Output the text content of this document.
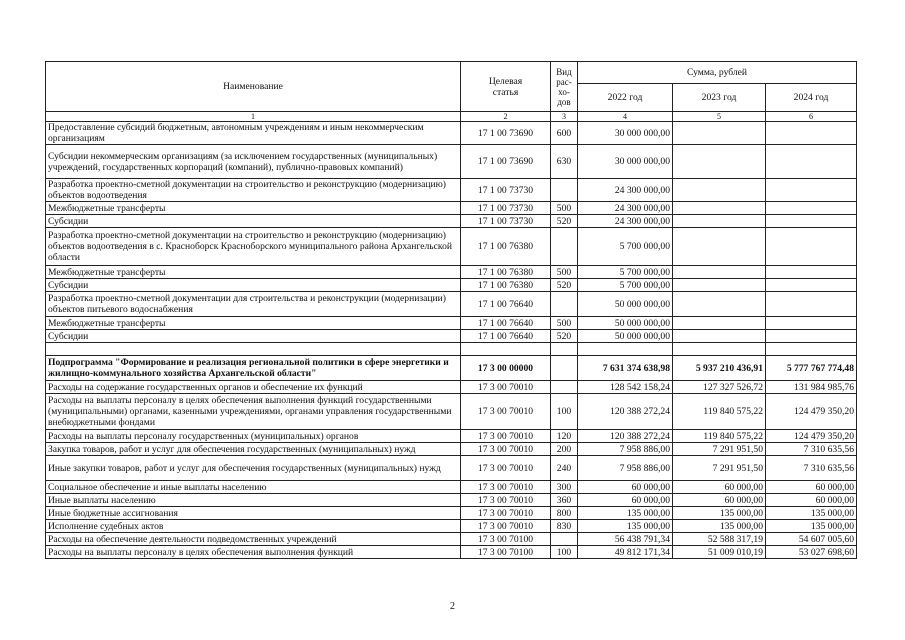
Наименование	Целевая статья	Вид
рас-
хо-
дов	Сумма, рублей		
			2022 год	2023 год	2024 год
1	2	3	4	5	6
Предоставление субсидий бюджетным, автономным учреждениям и иным некоммерческим организациям	17 1 00 73690	600	30 000 000,00		
Субсидии некоммерческим организациям (за исключением государственных (муниципальных) учреждений, государственных корпораций (компаний), публично-правовых компаний)	17 1 00 73690	630	30 000 000,00		
Разработка проектно-сметной документации на строительство и реконструкцию (модернизацию) объектов водоотведения	17 1 00 73730		24 300 000,00		
Межбюджетные трансферты	17 1 00 73730	500	24 300 000,00		
Субсидии	17 1 00 73730	520	24 300 000,00		
Разработка проектно-сметной документации на строительство и реконструкцию (модернизацию) объектов водоотведения в с. Красноборск Красноборского муниципального района Архангельской области	17 1 00 76380		5 700 000,00		
Межбюджетные трансферты	17 1 00 76380	500	5 700 000,00		
Субсидии	17 1 00 76380	520	5 700 000,00		
Разработка проектно-сметной документации для строительства и реконструкции (модернизации) объектов питьевого водоснабжения	17 1 00 76640		50 000 000,00		
Межбюджетные трансферты	17 1 00 76640	500	50 000 000,00		
Субсидии	17 1 00 76640	520	50 000 000,00		

Подпрограмма "Формирование и реализация региональной политики в сфере энергетики и жилищно-коммунального хозяйства Архангельской области"	17 3 00 00000		7 631 374 638,98	5 937 210 436,91	5 777 767 774,48
Расходы на содержание государственных органов и обеспечение их функций	17 3 00 70010		128 542 158,24	127 327 526,72	131 984 985,76
Расходы на выплаты персоналу в целях обеспечения выполнения функций государственными (муниципальными) органами, казенными учреждениями, органами управления государственными внебюджетными фондами	17 3 00 70010	100	120 388 272,24	119 840 575,22	124 479 350,20
Расходы на выплаты персоналу государственных (муниципальных) органов	17 3 00 70010	120	120 388 272,24	119 840 575,22	124 479 350,20
Закупка товаров, работ и услуг для обеспечения государственных (муниципальных) нужд	17 3 00 70010	200	7 958 886,00	7 291 951,50	7 310 635,56
Иные закупки товаров, работ и услуг для обеспечения государственных (муниципальных) нужд	17 3 00 70010	240	7 958 886,00	7 291 951,50	7 310 635,56
Социальное обеспечение и иные выплаты населению	17 3 00 70010	300	60 000,00	60 000,00	60 000,00
Иные выплаты населению	17 3 00 70010	360	60 000,00	60 000,00	60 000,00
Иные бюджетные ассигнования	17 3 00 70010	800	135 000,00	135 000,00	135 000,00
Исполнение судебных актов	17 3 00 70010	830	135 000,00	135 000,00	135 000,00
Расходы на обеспечение деятельности подведомственных учреждений	17 3 00 70100		56 438 791,34	52 588 317,19	54 607 005,60
Расходы на выплаты персоналу в целях обеспечения выполнения функций	17 3 00 70100	100	49 812 171,34	51 009 010,19	53 027 698,60
2
